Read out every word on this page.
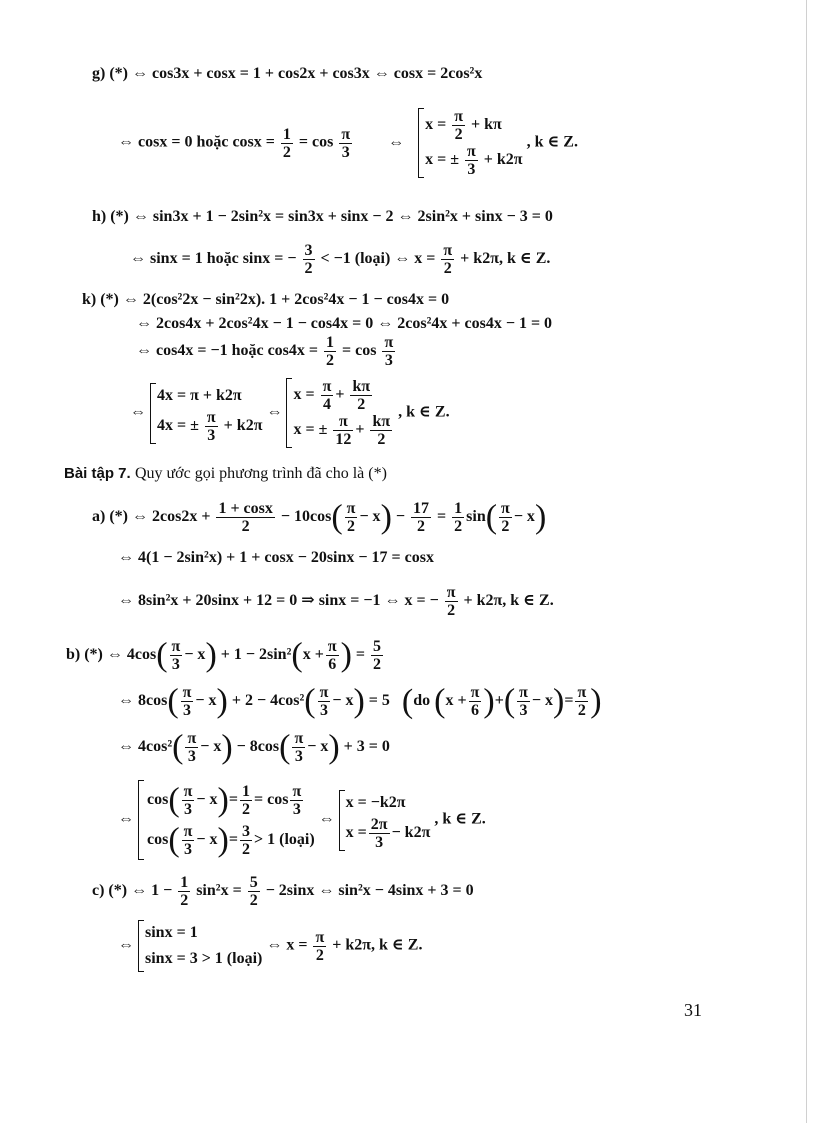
g) (*) ⇔ cos3x + cosx = 1 + cos2x + cos3x ⇔ cosx = 2cos²x
⇔ cosx = 0 hoặc $\cos x = \frac{1}{2} = \cos \frac{\pi}{3}$ ⇔
$x = \frac{\pi}{2} + k\pi$
x = ± $\frac{\pi}{3} + k2\pi$
, k ∈ Z.
h) (*) ⇔ sin3x + 1 − 2sin²x = sin3x + sinx − 2 ⇔ 2sin²x + sinx − 3 = 0
⇔ sinx = 1 hoặc sinx = − $\frac{3}{2} < -1$ (loại) ⇔ $x = \frac{\pi}{2} + k2\pi$, k ∈ Z.
k) (*) ⇔ 2(cos²2x − sin²2x). 1 + 2cos²4x − 1 − cos4x = 0
⇔ 2cos4x + 2cos²4x − 1 − cos4x = 0 ⇔ 2cos²4x + cos4x − 1 = 0
⇔ cos4x = −1 hoặc $\cos 4x = \frac{1}{2} = \cos \frac{\pi}{3}$
⇔
4x = π + k2π
4x = ± $\frac{\pi}{3} + k2\pi$
⇔
$x = \frac{\pi}{4} + \frac{k\pi}{2}$
x = ± $\frac{\pi}{12} + \frac{k\pi}{2}$
, k ∈ Z.
Bài tập 7. Quy ước gọi phương trình đã cho là (*)
a) (*) ⇔ $2\cos 2x + \frac{1 + \cos x}{2} - 10\cos( \frac{\pi}{2} - x) - \frac{17}{2} = \frac{1}{2} \sin( \frac{\pi}{2} - x)$
⇔ 4(1 − 2sin²x) + 1 + cosx − 20sinx − 17 = cosx
⇔ 8sin²x + 20sinx + 12 = 0 ⇒ sinx = −1 ⇔ x = − $\frac{\pi}{2} + k2\pi$, k ∈ Z.
b) (*) ⇔ $4\cos( \frac{\pi}{3} - x) + 1 - 2\sin^2(x + \frac{\pi}{6}$ ) = $\frac{5}{2}$
⇔ $8\cos( \frac{\pi}{3} - x) + 2 - 4\cos^2( \frac{\pi}{3} - x) = 5$ (do ($x + \frac{\pi}{6}$ )+( $\frac{\pi}{3} - x)= \frac{\pi}{2}$ )
⇔ $4\cos^2( \frac{\pi}{3} - x) - 8\cos( \frac{\pi}{3} - x) + 3 = 0$
⇔
$\cos( \frac{\pi}{3} - x)= \frac{1}{2} = \cos \frac{\pi}{3}$
$\cos( \frac{\pi}{3} - x)= \frac{3}{2} > 1$ (loại)
⇔
x = −k2π
$x = \frac{2\pi}{3} - k2\pi$
, k ∈ Z.
c) (*) ⇔ $1 - \frac{1}{2} \sin^2x = \frac{5}{2} - 2\sin x$ ⇔ sin²x − 4sinx + 3 = 0
⇔
sinx = 1
sinx = 3 > 1 (loại)
⇔ $x = \frac{\pi}{2} + k2\pi$, k ∈ Z.
31
